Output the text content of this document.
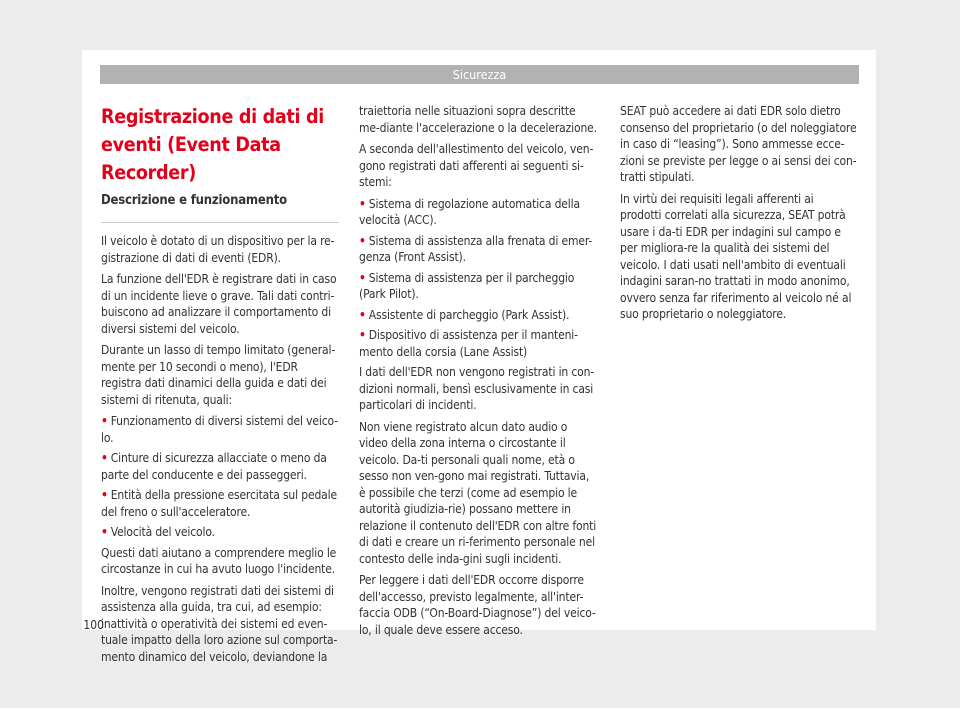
Sicurezza
Registrazione di dati di eventi (Event Data Recorder)
Descrizione e funzionamento

Il veicolo è dotato di un dispositivo per la re-gistrazione di dati di eventi (EDR).

La funzione dell'EDR è registrare dati in caso di un incidente lieve o grave. Tali dati contri-buiscono ad analizzare il comportamento di diversi sistemi del veicolo.

Durante un lasso di tempo limitato (general-mente per 10 secondi o meno), l'EDR registra dati dinamici della guida e dati dei sistemi di ritenuta, quali:

• Funzionamento di diversi sistemi del veico-lo.
• Cinture di sicurezza allacciate o meno da parte del conducente e dei passeggeri.
• Entità della pressione esercitata sul pedale del freno o sull'acceleratore.
• Velocità del veicolo.

Questi dati aiutano a comprendere meglio le circostanze in cui ha avuto luogo l'incidente.

Inoltre, vengono registrati dati dei sistemi di assistenza alla guida, tra cui, ad esempio: inattività o operatività dei sistemi ed even-tuale impatto della loro azione sul comporta-mento dinamico del veicolo, deviandone la

traiettoria nelle situazioni sopra descritte me-diante l'accelerazione o la decelerazione.

A seconda dell'allestimento del veicolo, ven-gono registrati dati afferenti ai seguenti si-stemi:

• Sistema di regolazione automatica della velocità (ACC).
• Sistema di assistenza alla frenata di emer-genza (Front Assist).
• Sistema di assistenza per il parcheggio (Park Pilot).
• Assistente di parcheggio (Park Assist).
• Dispositivo di assistenza per il manteni-mento della corsia (Lane Assist)

I dati dell'EDR non vengono registrati in con-dizioni normali, bensì esclusivamente in casi particolari di incidenti.

Non viene registrato alcun dato audio o video della zona interna o circostante il veicolo. Da-ti personali quali nome, età o sesso non ven-gono mai registrati. Tuttavia, è possibile che terzi (come ad esempio le autorità giudizia-rie) possano mettere in relazione il contenuto dell'EDR con altre fonti di dati e creare un ri-ferimento personale nel contesto delle inda-gini sugli incidenti.

Per leggere i dati dell'EDR occorre disporre dell'accesso, previsto legalmente, all'inter-faccia ODB (“On-Board-Diagnose”) del veico-lo, il quale deve essere acceso.

SEAT può accedere ai dati EDR solo dietro consenso del proprietario (o del noleggiatore in caso di “leasing”). Sono ammesse ecce-zioni se previste per legge o ai sensi dei con-tratti stipulati.

In virtù dei requisiti legali afferenti ai prodotti correlati alla sicurezza, SEAT potrà usare i da-ti EDR per indagini sul campo e per migliora-re la qualità dei sistemi del veicolo. I dati usati nell'ambito di eventuali indagini saran-no trattati in modo anonimo, ovvero senza far riferimento al veicolo né al suo proprietario o noleggiatore.

100
